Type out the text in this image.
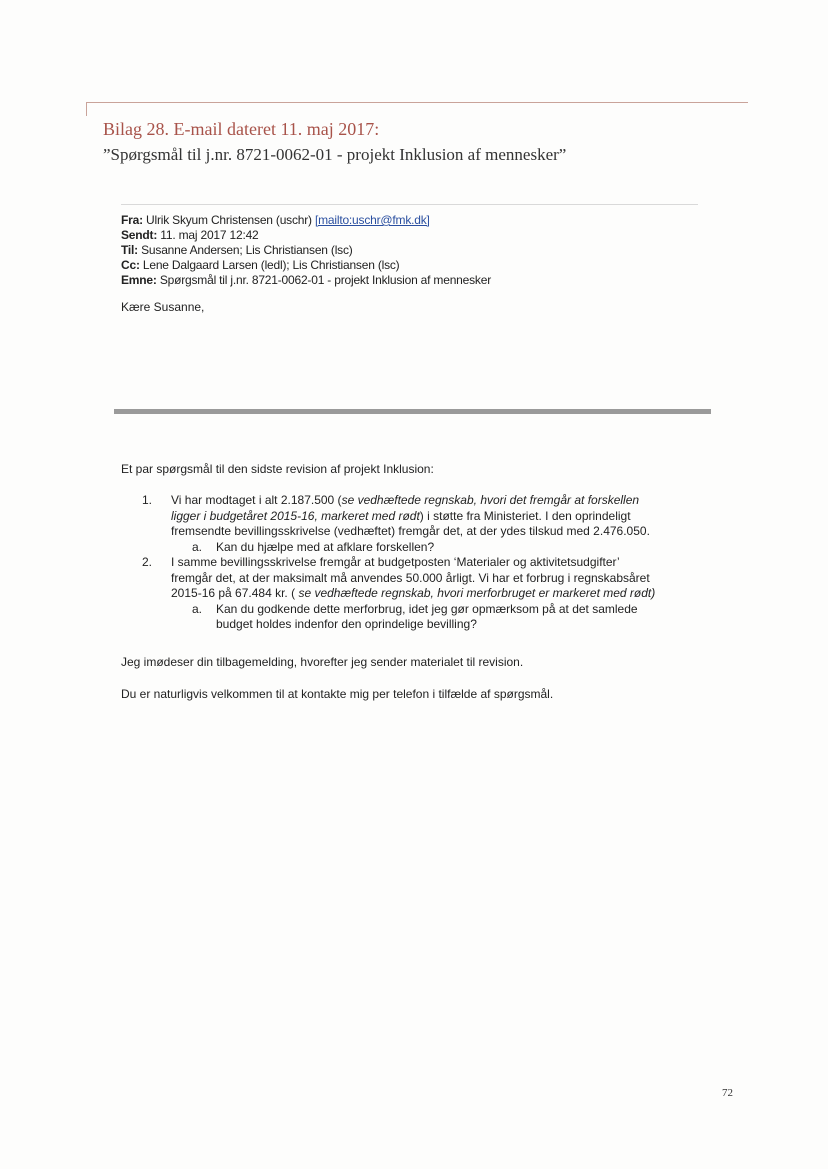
Bilag 28. E-mail dateret 11. maj 2017:
”Spørgsmål til j.nr. 8721-0062-01 - projekt Inklusion af mennesker”
Fra: Ulrik Skyum Christensen (uschr) [mailto:uschr@fmk.dk]
Sendt: 11. maj 2017 12:42
Til: Susanne Andersen; Lis Christiansen (lsc)
Cc: Lene Dalgaard Larsen (ledl); Lis Christiansen (lsc)
Emne: Spørgsmål til j.nr. 8721-0062-01 - projekt Inklusion af mennesker
Kære Susanne,
Et par spørgsmål til den sidste revision af projekt Inklusion:
1. Vi har modtaget i alt 2.187.500 (se vedhæftede regnskab, hvori det fremgår at forskellen
ligger i budgetåret 2015-16, markeret med rødt) i støtte fra Ministeriet. I den oprindeligt
fremsendte bevillingsskrivelse (vedhæftet) fremgår det, at der ydes tilskud med 2.476.050.
a. Kan du hjælpe med at afklare forskellen?
2. I samme bevillingsskrivelse fremgår at budgetposten ‘Materialer og aktivitetsudgifter’
fremgår det, at der maksimalt må anvendes 50.000 årligt. Vi har et forbrug i regnskabsåret
2015-16 på 67.484 kr. ( se vedhæftede regnskab, hvori merforbruget er markeret med rødt)
a. Kan du godkende dette merforbrug, idet jeg gør opmærksom på at det samlede
budget holdes indenfor den oprindelige bevilling?
Jeg imødeser din tilbagemelding, hvorefter jeg sender materialet til revision.
Du er naturligvis velkommen til at kontakte mig per telefon i tilfælde af spørgsmål.
72
